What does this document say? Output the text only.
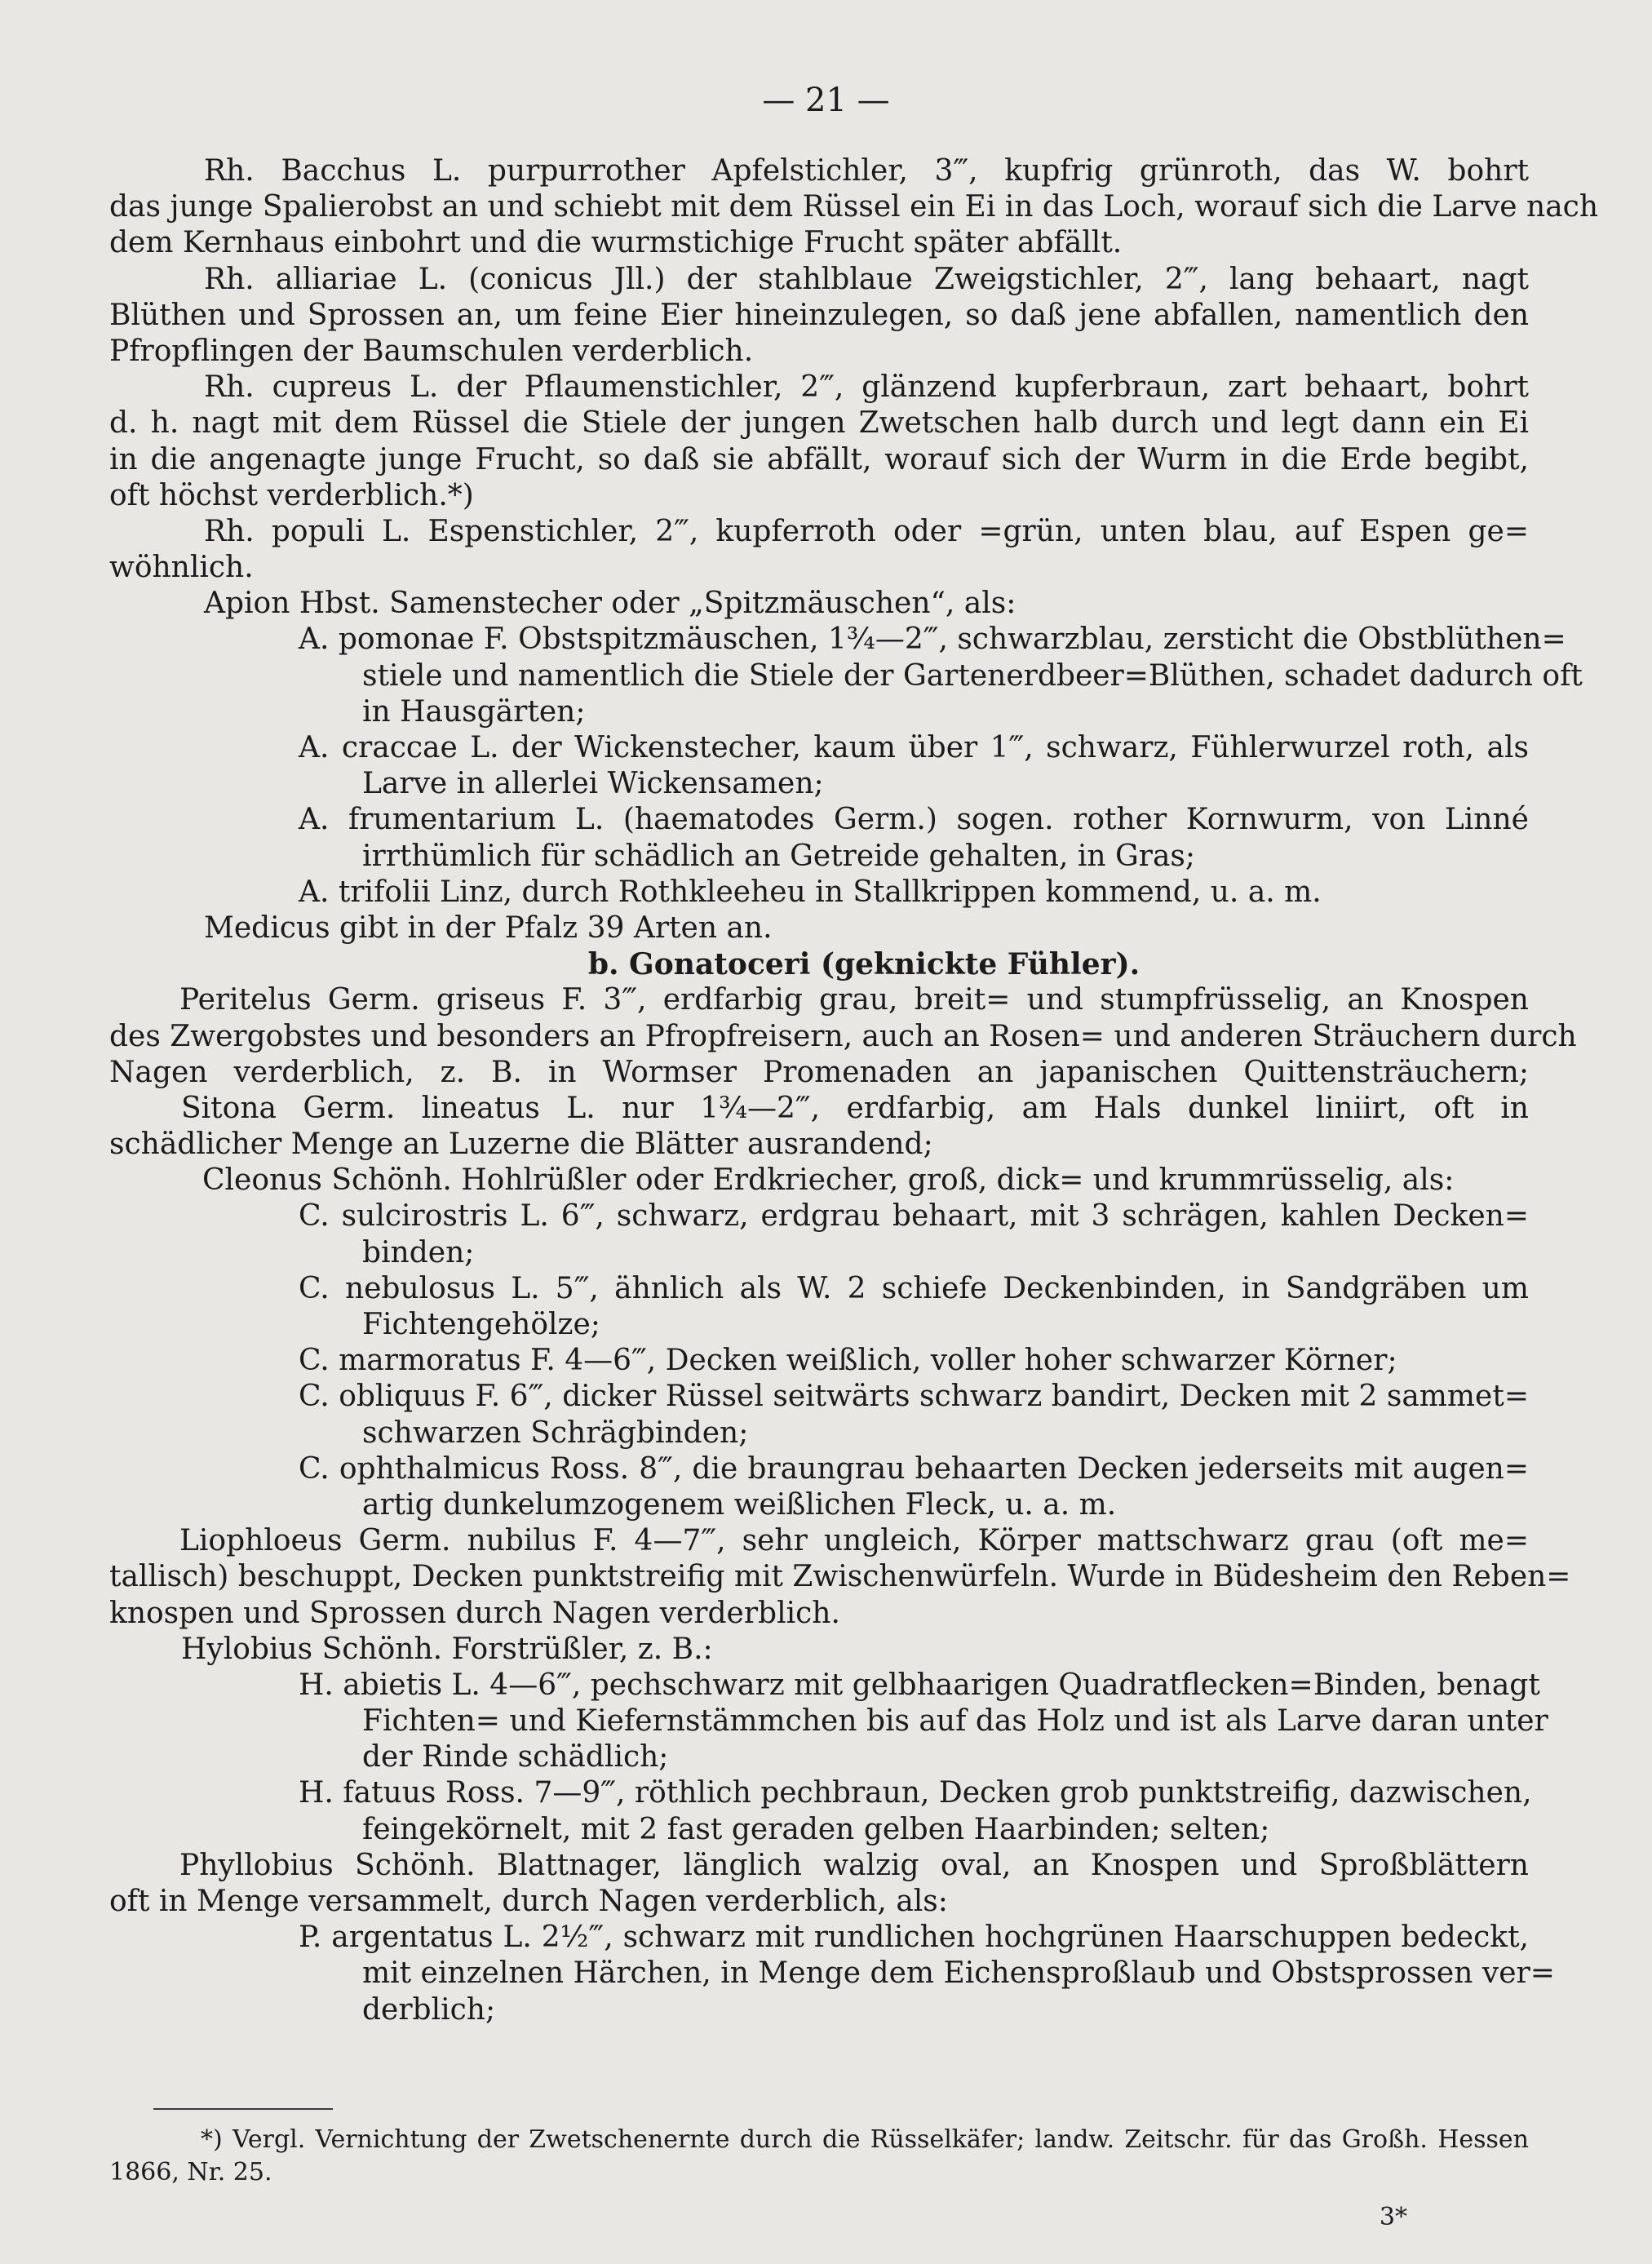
— 21 —
Rh. Bacchus L. purpurrother Apfelstichler, 3‴, kupfrig grünroth, das W. bohrt
das junge Spalierobst an und schiebt mit dem Rüssel ein Ei in das Loch, worauf sich die Larve nach
dem Kernhaus einbohrt und die wurmstichige Frucht später abfällt.
Rh. alliariae L. (conicus Jll.) der stahlblaue Zweigstichler, 2‴, lang behaart, nagt
Blüthen und Sprossen an, um feine Eier hineinzulegen, so daß jene abfallen, namentlich den
Pfropflingen der Baumschulen verderblich.
Rh. cupreus L. der Pflaumenstichler, 2‴, glänzend kupferbraun, zart behaart, bohrt
d. h. nagt mit dem Rüssel die Stiele der jungen Zwetschen halb durch und legt dann ein Ei
in die angenagte junge Frucht, so daß sie abfällt, worauf sich der Wurm in die Erde begibt,
oft höchst verderblich.*)
Rh. populi L. Espenstichler, 2‴, kupferroth oder =grün, unten blau, auf Espen ge=
wöhnlich.
Apion Hbst. Samenstecher oder „Spitzmäuschen“, als:
A. pomonae F. Obstspitzmäuschen, 1¾—2‴, schwarzblau, zersticht die Obstblüthen=
stiele und namentlich die Stiele der Gartenerdbeer=Blüthen, schadet dadurch oft
in Hausgärten;
A. craccae L. der Wickenstecher, kaum über 1‴, schwarz, Fühlerwurzel roth, als
Larve in allerlei Wickensamen;
A. frumentarium L. (haematodes Germ.) sogen. rother Kornwurm, von Linné
irrthümlich für schädlich an Getreide gehalten, in Gras;
A. trifolii Linz, durch Rothkleeheu in Stallkrippen kommend, u. a. m.
Medicus gibt in der Pfalz 39 Arten an.
b. Gonatoceri (geknickte Fühler).
Peritelus Germ. griseus F. 3‴, erdfarbig grau, breit= und stumpfrüsselig, an Knospen
des Zwergobstes und besonders an Pfropfreisern, auch an Rosen= und anderen Sträuchern durch
Nagen verderblich, z. B. in Wormser Promenaden an japanischen Quittensträuchern;
Sitona Germ. lineatus L. nur 1¾—2‴, erdfarbig, am Hals dunkel liniirt, oft in
schädlicher Menge an Luzerne die Blätter ausrandend;
Cleonus Schönh. Hohlrüßler oder Erdkriecher, groß, dick= und krummrüsselig, als:
C. sulcirostris L. 6‴, schwarz, erdgrau behaart, mit 3 schrägen, kahlen Decken=
binden;
C. nebulosus L. 5‴, ähnlich als W. 2 schiefe Deckenbinden, in Sandgräben um
Fichtengehölze;
C. marmoratus F. 4—6‴, Decken weißlich, voller hoher schwarzer Körner;
C. obliquus F. 6‴, dicker Rüssel seitwärts schwarz bandirt, Decken mit 2 sammet=
schwarzen Schrägbinden;
C. ophthalmicus Ross. 8‴, die braungrau behaarten Decken jederseits mit augen=
artig dunkelumzogenem weißlichen Fleck, u. a. m.
Liophloeus Germ. nubilus F. 4—7‴, sehr ungleich, Körper mattschwarz grau (oft me=
tallisch) beschuppt, Decken punktstreifig mit Zwischenwürfeln. Wurde in Büdesheim den Reben=
knospen und Sprossen durch Nagen verderblich.
Hylobius Schönh. Forstrüßler, z. B.:
H. abietis L. 4—6‴, pechschwarz mit gelbhaarigen Quadratflecken=Binden, benagt
Fichten= und Kiefernstämmchen bis auf das Holz und ist als Larve daran unter
der Rinde schädlich;
H. fatuus Ross. 7—9‴, röthlich pechbraun, Decken grob punktstreifig, dazwischen,
feingekörnelt, mit 2 fast geraden gelben Haarbinden; selten;
Phyllobius Schönh. Blattnager, länglich walzig oval, an Knospen und Sproßblättern
oft in Menge versammelt, durch Nagen verderblich, als:
P. argentatus L. 2½‴, schwarz mit rundlichen hochgrünen Haarschuppen bedeckt,
mit einzelnen Härchen, in Menge dem Eichensproßlaub und Obstsprossen ver=
derblich;
*) Vergl. Vernichtung der Zwetschenernte durch die Rüsselkäfer; landw. Zeitschr. für das Großh. Hessen
1866, Nr. 25.
3*
